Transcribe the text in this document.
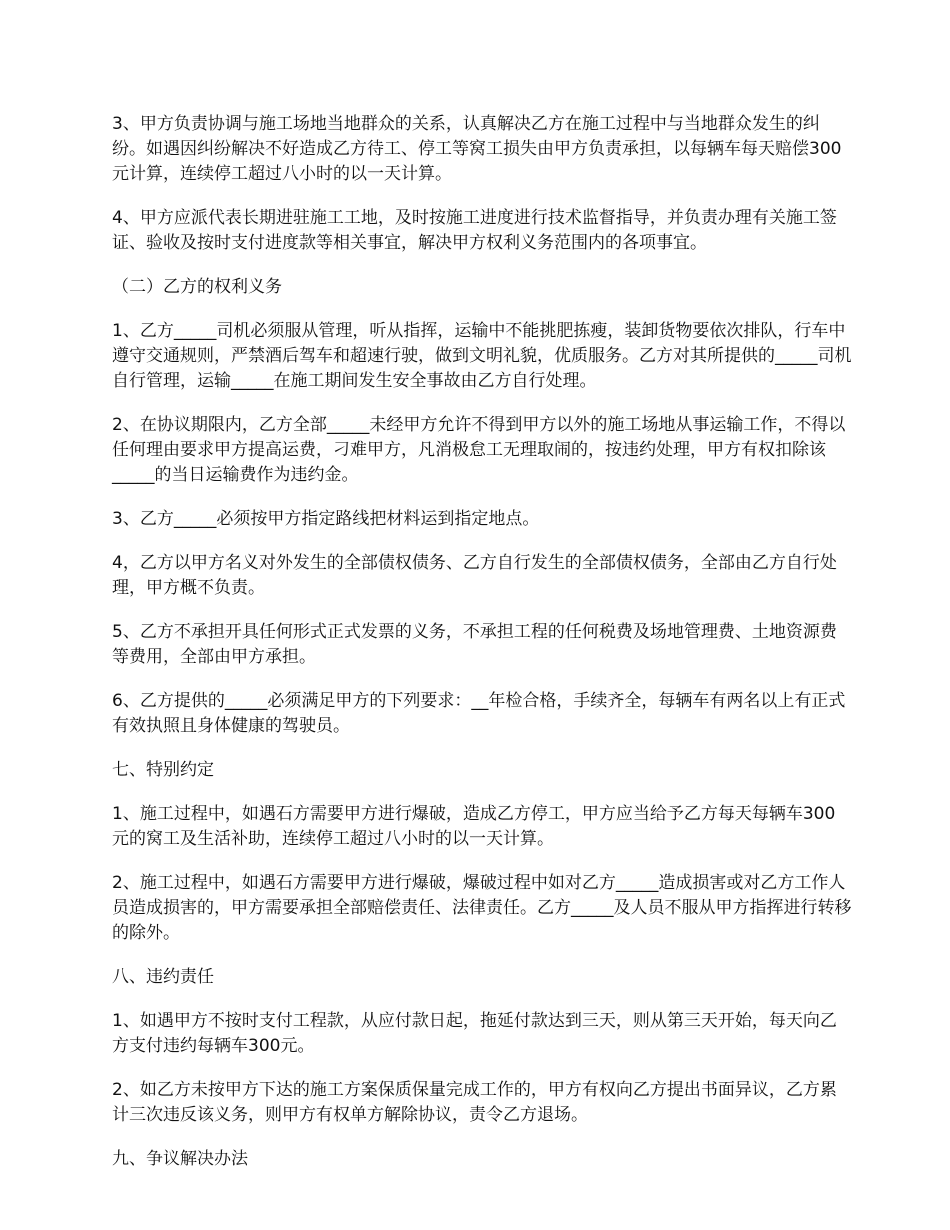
3、甲方负责协调与施工场地当地群众的关系，认真解决乙方在施工过程中与当地群众发生的纠纷。如遇因纠纷解决不好造成乙方待工、停工等窝工损失由甲方负责承担，以每辆车每天赔偿300元计算，连续停工超过八小时的以一天计算。

4、甲方应派代表长期进驻施工工地，及时按施工进度进行技术监督指导，并负责办理有关施工签证、验收及按时支付进度款等相关事宜，解决甲方权利义务范围内的各项事宜。

（二）乙方的权利义务

1、乙方_____司机必须服从管理，听从指挥，运输中不能挑肥拣瘦，装卸货物要依次排队，行车中遵守交通规则，严禁酒后驾车和超速行驶，做到文明礼貌，优质服务。乙方对其所提供的_____司机自行管理，运输_____在施工期间发生安全事故由乙方自行处理。

2、在协议期限内，乙方全部_____未经甲方允许不得到甲方以外的施工场地从事运输工作，不得以任何理由要求甲方提高运费，刁难甲方，凡消极怠工无理取闹的，按违约处理，甲方有权扣除该_____的当日运输费作为违约金。

3、乙方_____必须按甲方指定路线把材料运到指定地点。

4，乙方以甲方名义对外发生的全部债权债务、乙方自行发生的全部债权债务，全部由乙方自行处理，甲方概不负责。

5、乙方不承担开具任何形式正式发票的义务，不承担工程的任何税费及场地管理费、土地资源费等费用，全部由甲方承担。

6、乙方提供的_____必须满足甲方的下列要求：__年检合格，手续齐全，每辆车有两名以上有正式有效执照且身体健康的驾驶员。

七、特别约定

1、施工过程中，如遇石方需要甲方进行爆破，造成乙方停工，甲方应当给予乙方每天每辆车300元的窝工及生活补助，连续停工超过八小时的以一天计算。

2、施工过程中，如遇石方需要甲方进行爆破，爆破过程中如对乙方_____造成损害或对乙方工作人员造成损害的，甲方需要承担全部赔偿责任、法律责任。乙方_____及人员不服从甲方指挥进行转移的除外。

八、违约责任

1、如遇甲方不按时支付工程款，从应付款日起，拖延付款达到三天，则从第三天开始，每天向乙方支付违约每辆车300元。

2、如乙方未按甲方下达的施工方案保质保量完成工作的，甲方有权向乙方提出书面异议，乙方累计三次违反该义务，则甲方有权单方解除协议，责令乙方退场。

九、争议解决办法
